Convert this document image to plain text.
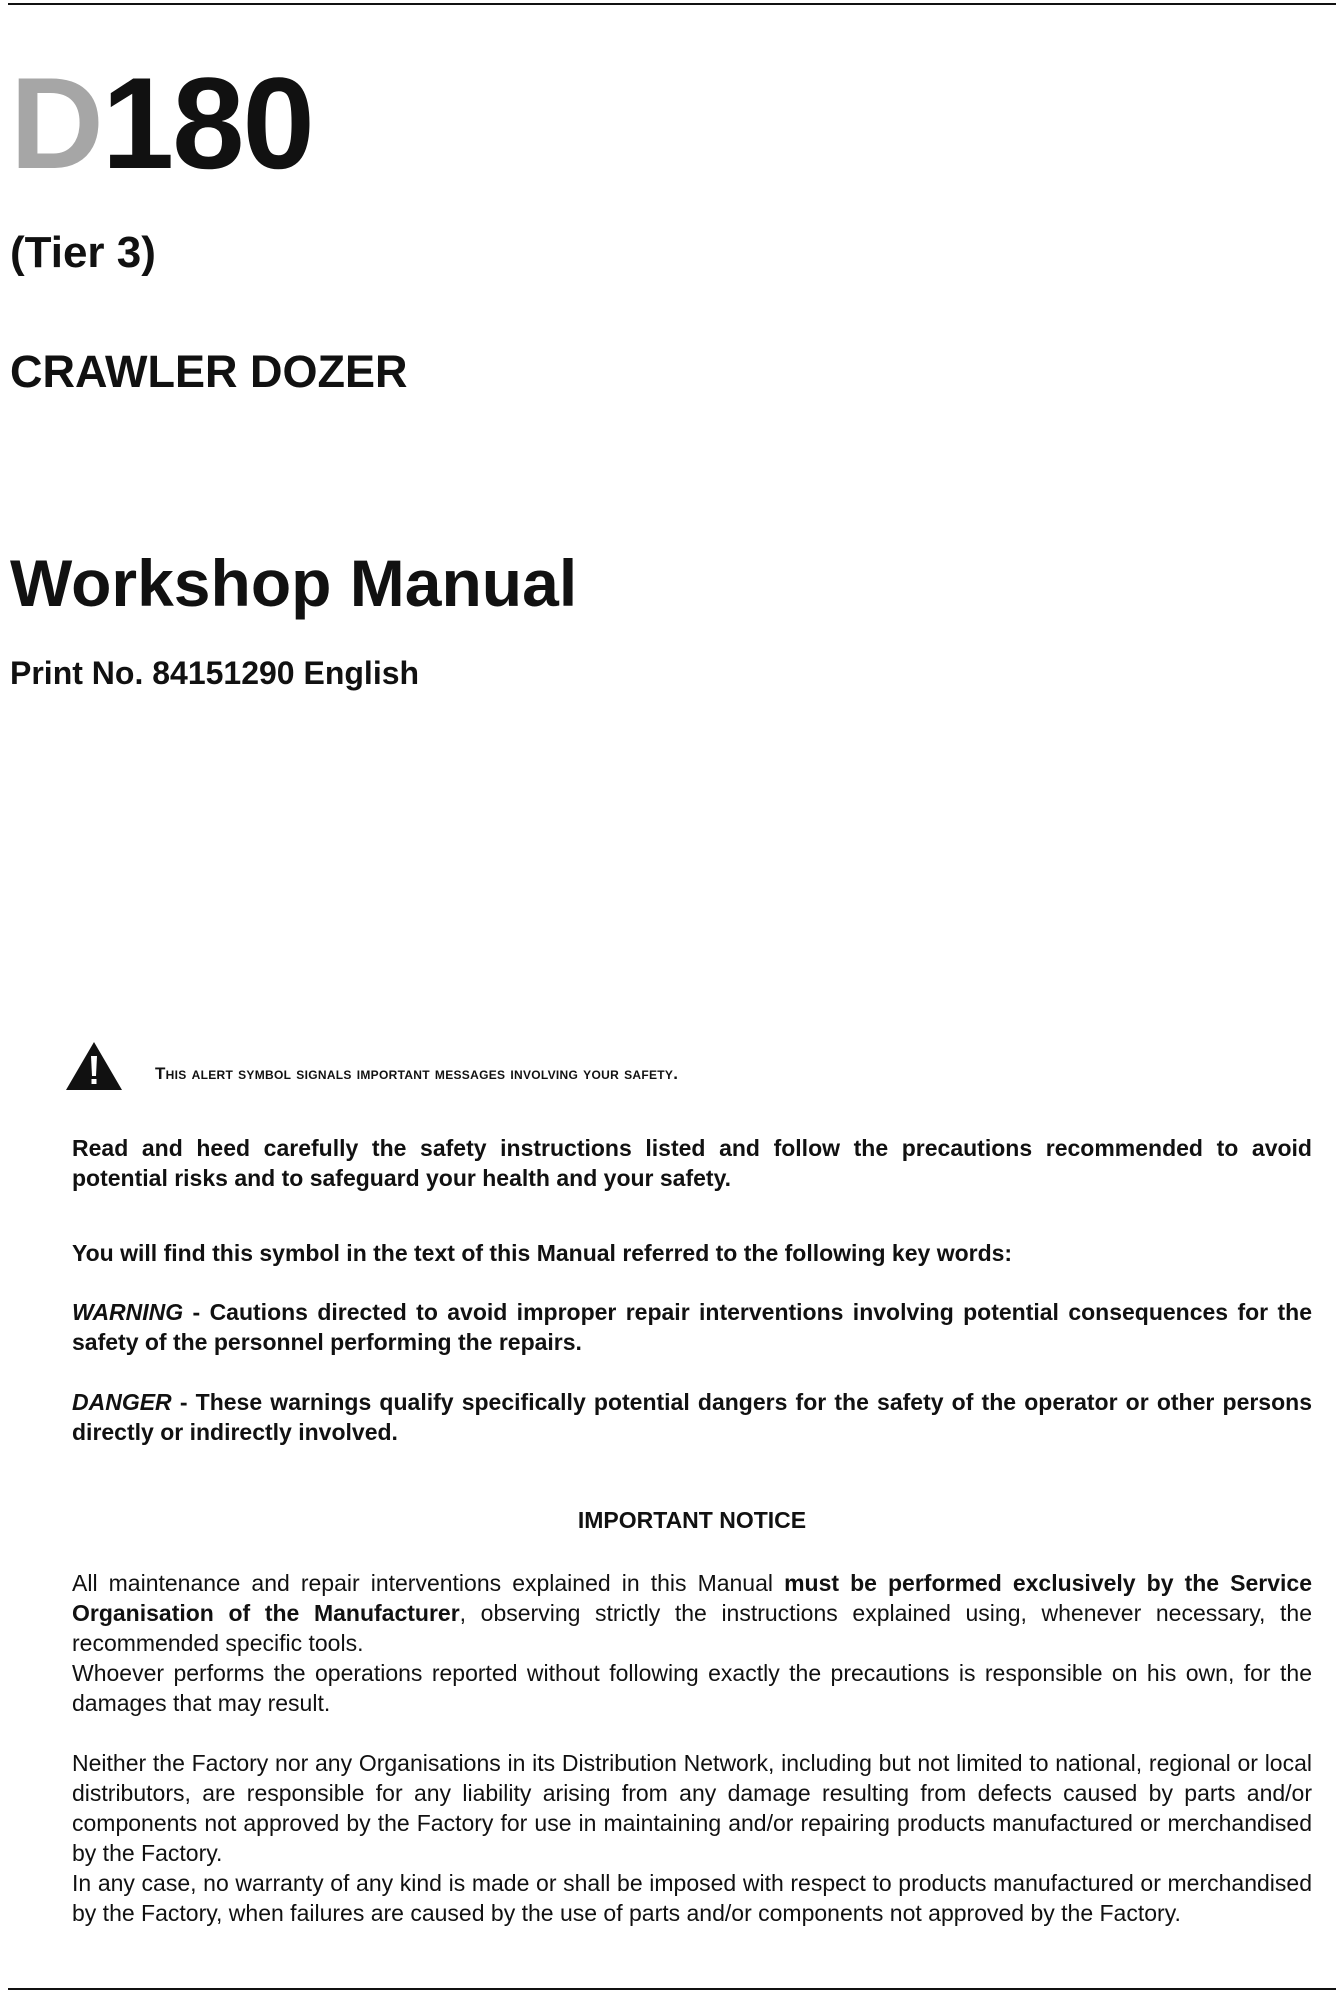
D180
(Tier 3)
CRAWLER DOZER
Workshop Manual
Print No. 84151290 English
This alert symbol signals important messages involving your safety.
Read and heed carefully the safety instructions listed and follow the precautions recommended to avoid potential risks and to safeguard your health and your safety.
You will find this symbol in the text of this Manual referred to the following key words:
WARNING - Cautions directed to avoid improper repair interventions involving potential consequences for the safety of the personnel performing the repairs.
DANGER - These warnings qualify specifically potential dangers for the safety of the operator or other persons directly or indirectly involved.
IMPORTANT NOTICE
All maintenance and repair interventions explained in this Manual must be performed exclusively by the Service Organisation of the Manufacturer, observing strictly the instructions explained using, whenever necessary, the recommended specific tools.
Whoever performs the operations reported without following exactly the precautions is responsible on his own, for the damages that may result.
Neither the Factory nor any Organisations in its Distribution Network, including but not limited to national, regional or local distributors, are responsible for any liability arising from any damage resulting from defects caused by parts and/or components not approved by the Factory for use in maintaining and/or repairing products manufactured or merchandised by the Factory.
In any case, no warranty of any kind is made or shall be imposed with respect to products manufactured or merchandised by the Factory, when failures are caused by the use of parts and/or components not approved by the Factory.
